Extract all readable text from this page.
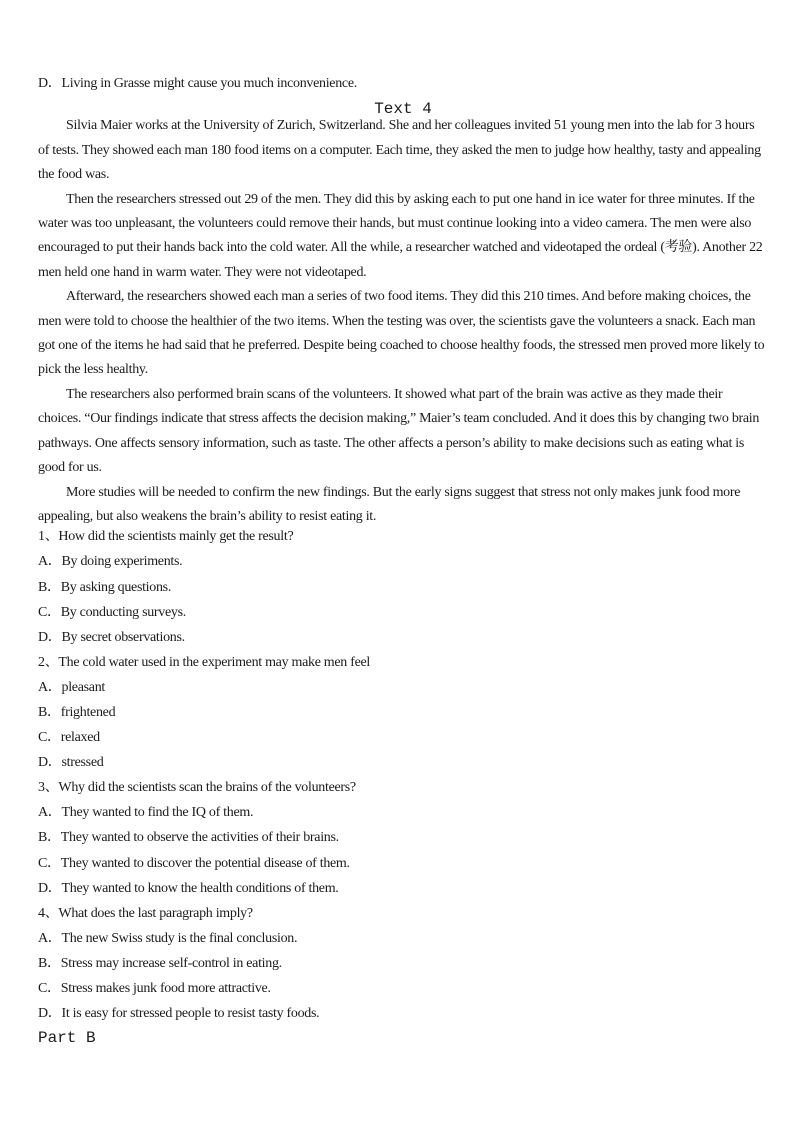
D．Living in Grasse might cause you much inconvenience.

Text 4

Silvia Maier works at the University of Zurich, Switzerland. She and her colleagues invited 51 young men into the lab for 3 hours of tests. They showed each man 180 food items on a computer. Each time, they asked the men to judge how healthy, tasty and appealing the food was.

Then the researchers stressed out 29 of the men. They did this by asking each to put one hand in ice water for three minutes. If the water was too unpleasant, the volunteers could remove their hands, but must continue looking into a video camera. The men were also encouraged to put their hands back into the cold water. All the while, a researcher watched and videotaped the ordeal (考验). Another 22 men held one hand in warm water. They were not videotaped.

Afterward, the researchers showed each man a series of two food items. They did this 210 times. And before making choices, the men were told to choose the healthier of the two items. When the testing was over, the scientists gave the volunteers a snack. Each man got one of the items he had said that he preferred. Despite being coached to choose healthy foods, the stressed men proved more likely to pick the less healthy.

The researchers also performed brain scans of the volunteers. It showed what part of the brain was active as they made their choices. “Our findings indicate that stress affects the decision making,” Maier’s team concluded. And it does this by changing two brain pathways. One affects sensory information, such as taste. The other affects a person’s ability to make decisions such as eating what is good for us.

More studies will be needed to confirm the new findings. But the early signs suggest that stress not only makes junk food more appealing, but also weakens the brain’s ability to resist eating it.

1、How did the scientists mainly get the result?

A．By doing experiments.

B．By asking questions.

C．By conducting surveys.

D．By secret observations.

2、The cold water used in the experiment may make men feel

A．pleasant

B．frightened

C．relaxed

D．stressed

3、Why did the scientists scan the brains of the volunteers?

A．They wanted to find the IQ of them.

B．They wanted to observe the activities of their brains.

C．They wanted to discover the potential disease of them.

D．They wanted to know the health conditions of them.

4、What does the last paragraph imply?

A．The new Swiss study is the final conclusion.

B．Stress may increase self-control in eating.

C．Stress makes junk food more attractive.

D．It is easy for stressed people to resist tasty foods.

Part B
